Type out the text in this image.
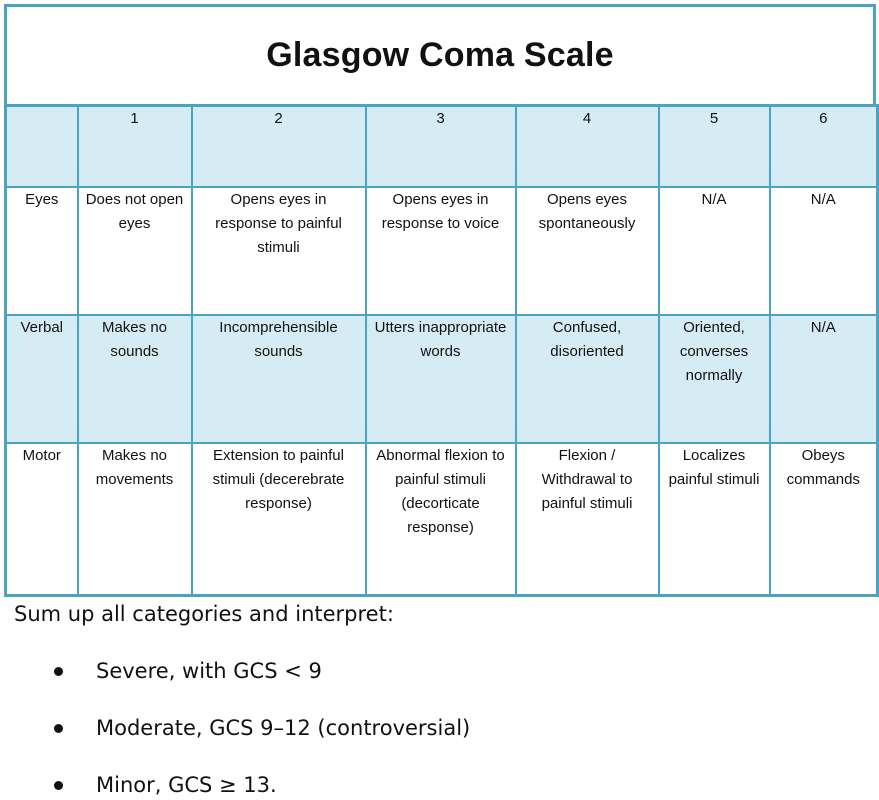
Glasgow Coma Scale
	1	2	3	4	5	6
Eyes	Does not open eyes	Opens eyes in response to painful stimuli	Opens eyes in response to voice	Opens eyes spontaneously	N/A	N/A
Verbal	Makes no sounds	Incomprehensible sounds	Utters inappropriate words	Confused, disoriented	Oriented, converses normally	N/A
Motor	Makes no movements	Extension to painful stimuli (decerebrate response)	Abnormal flexion to painful stimuli (decorticate response)	Flexion / Withdrawal to painful stimuli	Localizes painful stimuli	Obeys commands

Sum up all categories and interpret:

Severe, with GCS < 9
Moderate, GCS 9–12 (controversial)
Minor, GCS ≥ 13.
